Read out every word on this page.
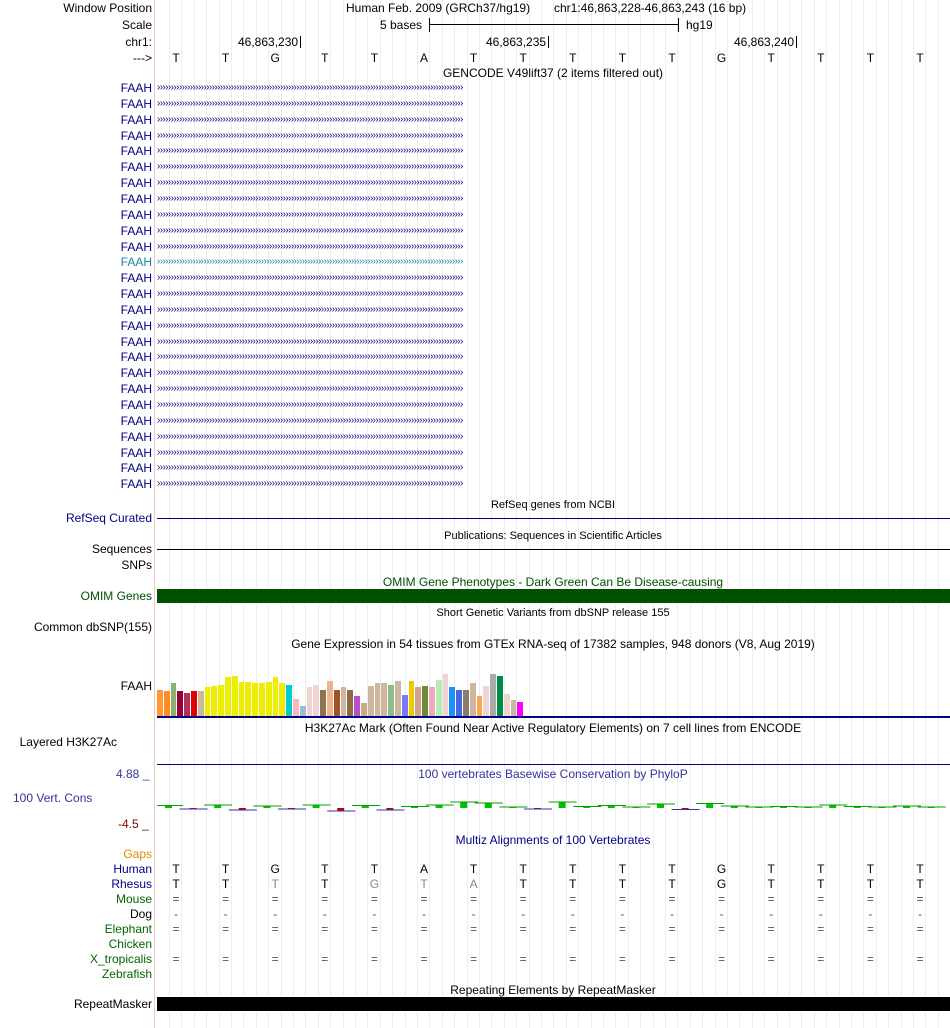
Window Position	Human Feb. 2009 (GRCh37/hg19) chr1:46,863,228-46,863,243 (16 bp)
Scale	5 bases	hg19
chr1:	46,863,230	46,863,235	46,863,240
--->	T	T	G	T	T	A	T	T	T	T	T	G	T	T	T	T
GENCODE V49lift37 (2 items filtered out)
FAAH ››››››››››››››››››››››››››››››››››››››››››››››››››››››››››››››››››››››››››››››››››››››››››››››››››››››››››››››››
FAAH ››››››››››››››››››››››››››››››››››››››››››››››››››››››››››››››››››››››››››››››››››››››››››››››››››››››››››››››››
FAAH ››››››››››››››››››››››››››››››››››››››››››››››››››››››››››››››››››››››››››››››››››››››››››››››››››››››››››››››››
FAAH ››››››››››››››››››››››››››››››››››››››››››››››››››››››››››››››››››››››››››››››››››››››››››››››››››››››››››››››››
FAAH ››››››››››››››››››››››››››››››››››››››››››››››››››››››››››››››››››››››››››››››››››››››››››››››››››››››››››››››››
FAAH ››››››››››››››››››››››››››››››››››››››››››››››››››››››››››››››››››››››››››››››››››››››››››››››››››››››››››››››››
FAAH ››››››››››››››››››››››››››››››››››››››››››››››››››››››››››››››››››››››››››››››››››››››››››››››››››››››››››››››››
FAAH ››››››››››››››››››››››››››››››››››››››››››››››››››››››››››››››››››››››››››››››››››››››››››››››››››››››››››››››››
FAAH ››››››››››››››››››››››››››››››››››››››››››››››››››››››››››››››››››››››››››››››››››››››››››››››››››››››››››››››››
FAAH ››››››››››››››››››››››››››››››››››››››››››››››››››››››››››››››››››››››››››››››››››››››››››››››››››››››››››››››››
FAAH ››››››››››››››››››››››››››››››››››››››››››››››››››››››››››››››››››››››››››››››››››››››››››››››››››››››››››››››››
FAAH ››››››››››››››››››››››››››››››››››››››››››››››››››››››››››››››››››››››››››››››››››››››››››››››››››››››››››››››››
FAAH ››››››››››››››››››››››››››››››››››››››››››››››››››››››››››››››››››››››››››››››››››››››››››››››››››››››››››››››››
FAAH ››››››››››››››››››››››››››››››››››››››››››››››››››››››››››››››››››››››››››››››››››››››››››››››››››››››››››››››››
FAAH ››››››››››››››››››››››››››››››››››››››››››››››››››››››››››››››››››››››››››››››››››››››››››››››››››››››››››››››››
FAAH ››››››››››››››››››››››››››››››››››››››››››››››››››››››››››››››››››››››››››››››››››››››››››››››››››››››››››››››››
FAAH ››››››››››››››››››››››››››››››››››››››››››››››››››››››››››››››››››››››››››››››››››››››››››››››››››››››››››››››››
FAAH ››››››››››››››››››››››››››››››››››››››››››››››››››››››››››››››››››››››››››››››››››››››››››››››››››››››››››››››››
FAAH ››››››››››››››››››››››››››››››››››››››››››››››››››››››››››››››››››››››››››››››››››››››››››››››››››››››››››››››››
FAAH ››››››››››››››››››››››››››››››››››››››››››››››››››››››››››››››››››››››››››››››››››››››››››››››››››››››››››››››››
FAAH ››››››››››››››››››››››››››››››››››››››››››››››››››››››››››››››››››››››››››››››››››››››››››››››››››››››››››››››››
FAAH ››››››››››››››››››››››››››››››››››››››››››››››››››››››››››››››››››››››››››››››››››››››››››››››››››››››››››››››››
FAAH ››››››››››››››››››››››››››››››››››››››››››››››››››››››››››››››››››››››››››››››››››››››››››››››››››››››››››››››››
FAAH ››››››››››››››››››››››››››››››››››››››››››››››››››››››››››››››››››››››››››››››››››››››››››››››››››››››››››››››››
FAAH ››››››››››››››››››››››››››››››››››››››››››››››››››››››››››››››››››››››››››››››››››››››››››››››››››››››››››››››››
FAAH ››››››››››››››››››››››››››››››››››››››››››››››››››››››››››››››››››››››››››››››››››››››››››››››››››››››››››››››››
RefSeq genes from NCBI
RefSeq Curated
Publications: Sequences in Scientific Articles
Sequences
SNPs
OMIM Gene Phenotypes - Dark Green Can Be Disease-causing
OMIM Genes
Short Genetic Variants from dbSNP release 155
Common dbSNP(155)
Gene Expression in 54 tissues from GTEx RNA-seq of 17382 samples, 948 donors (V8, Aug 2019)
FAAH
H3K27Ac Mark (Often Found Near Active Regulatory Elements) on 7 cell lines from ENCODE
Layered H3K27Ac
100 vertebrates Basewise Conservation by PhyloP
4.88 _
100 Vert. Cons
-4.5 _
Multiz Alignments of 100 Vertebrates
Gaps
Human	T	T	G	T	T	A	T	T	T	T	T	G	T	T	T	T
Rhesus	T	T	T	T	G	T	A	T	T	T	T	G	T	T	T	T
Mouse	=	=	=	=	=	=	=	=	=	=	=	=	=	=	=	=
Dog	-	-	-	-	-	-	-	-	-	-	-	-	-	-	-	-
Elephant	=	=	=	=	=	=	=	=	=	=	=	=	=	=	=	=
Chicken
X_tropicalis	=	=	=	=	=	=	=	=	=	=	=	=	=	=	=	=
Zebrafish
Repeating Elements by RepeatMasker
RepeatMasker
